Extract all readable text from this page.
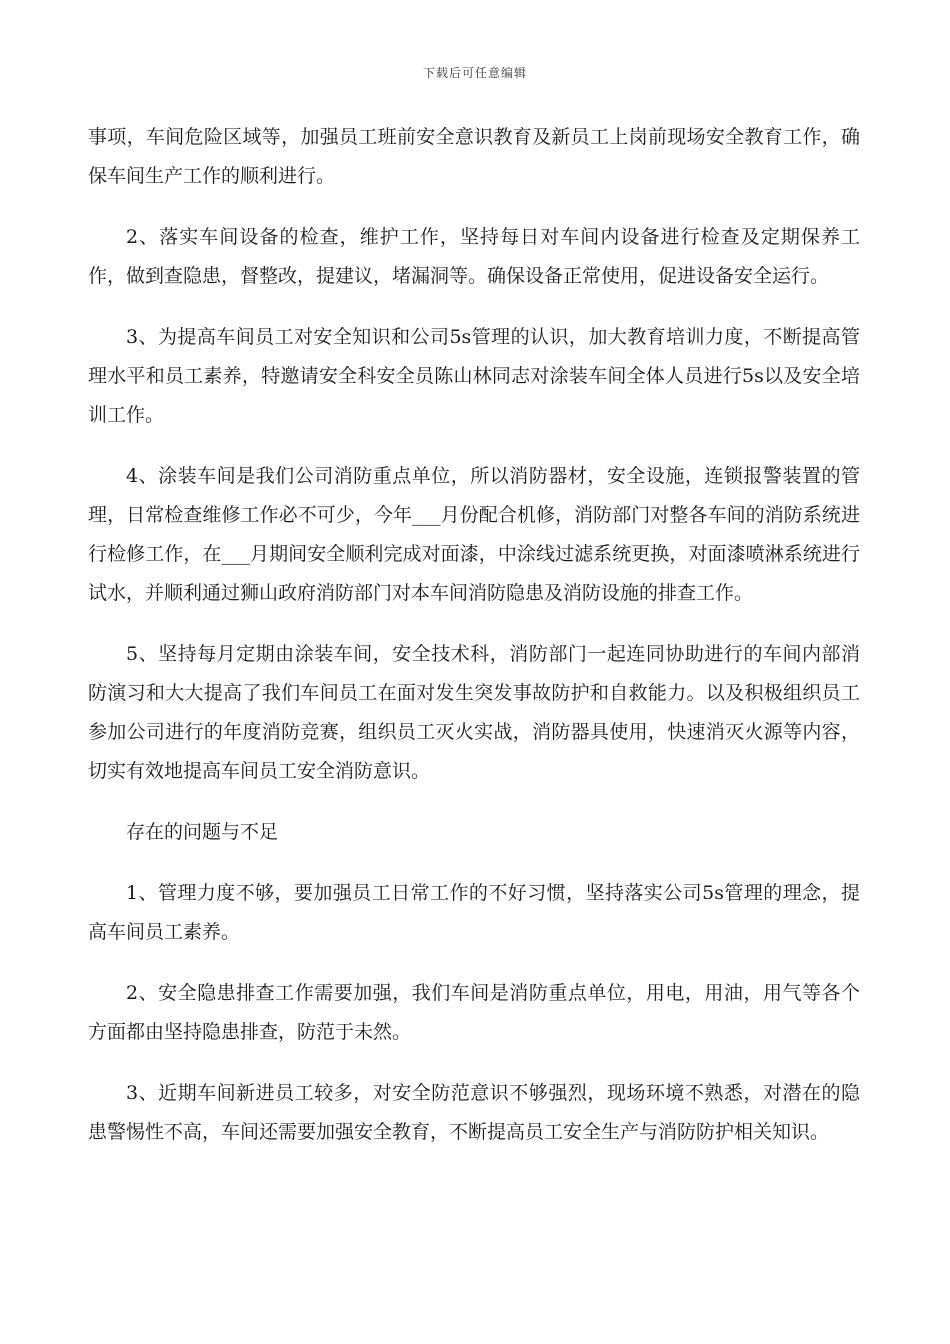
下载后可任意编辑

事项，车间危险区域等，加强员工班前安全意识教育及新员工上岗前现场安全教育工作，确保车间生产工作的顺利进行。

2、落实车间设备的检查，维护工作，坚持每日对车间内设备进行检查及定期保养工作，做到查隐患，督整改，提建议，堵漏洞等。确保设备正常使用，促进设备安全运行。

3、为提高车间员工对安全知识和公司5s管理的认识，加大教育培训力度，不断提高管理水平和员工素养，特邀请安全科安全员陈山林同志对涂装车间全体人员进行5s以及安全培训工作。

4、涂装车间是我们公司消防重点单位，所以消防器材，安全设施，连锁报警装置的管理，日常检查维修工作必不可少，今年___月份配合机修，消防部门对整各车间的消防系统进行检修工作，在___月期间安全顺利完成对面漆，中涂线过滤系统更换，对面漆喷淋系统进行试水，并顺利通过狮山政府消防部门对本车间消防隐患及消防设施的排查工作。

5、坚持每月定期由涂装车间，安全技术科，消防部门一起连同协助进行的车间内部消防演习和大大提高了我们车间员工在面对发生突发事故防护和自救能力。以及积极组织员工参加公司进行的年度消防竞赛，组织员工灭火实战，消防器具使用，快速消灭火源等内容，切实有效地提高车间员工安全消防意识。

存在的问题与不足

1、管理力度不够，要加强员工日常工作的不好习惯，坚持落实公司5s管理的理念，提高车间员工素养。

2、安全隐患排查工作需要加强，我们车间是消防重点单位，用电，用油，用气等各个方面都由坚持隐患排查，防范于未然。

3、近期车间新进员工较多，对安全防范意识不够强烈，现场环境不熟悉，对潜在的隐患警惕性不高，车间还需要加强安全教育，不断提高员工安全生产与消防防护相关知识。
